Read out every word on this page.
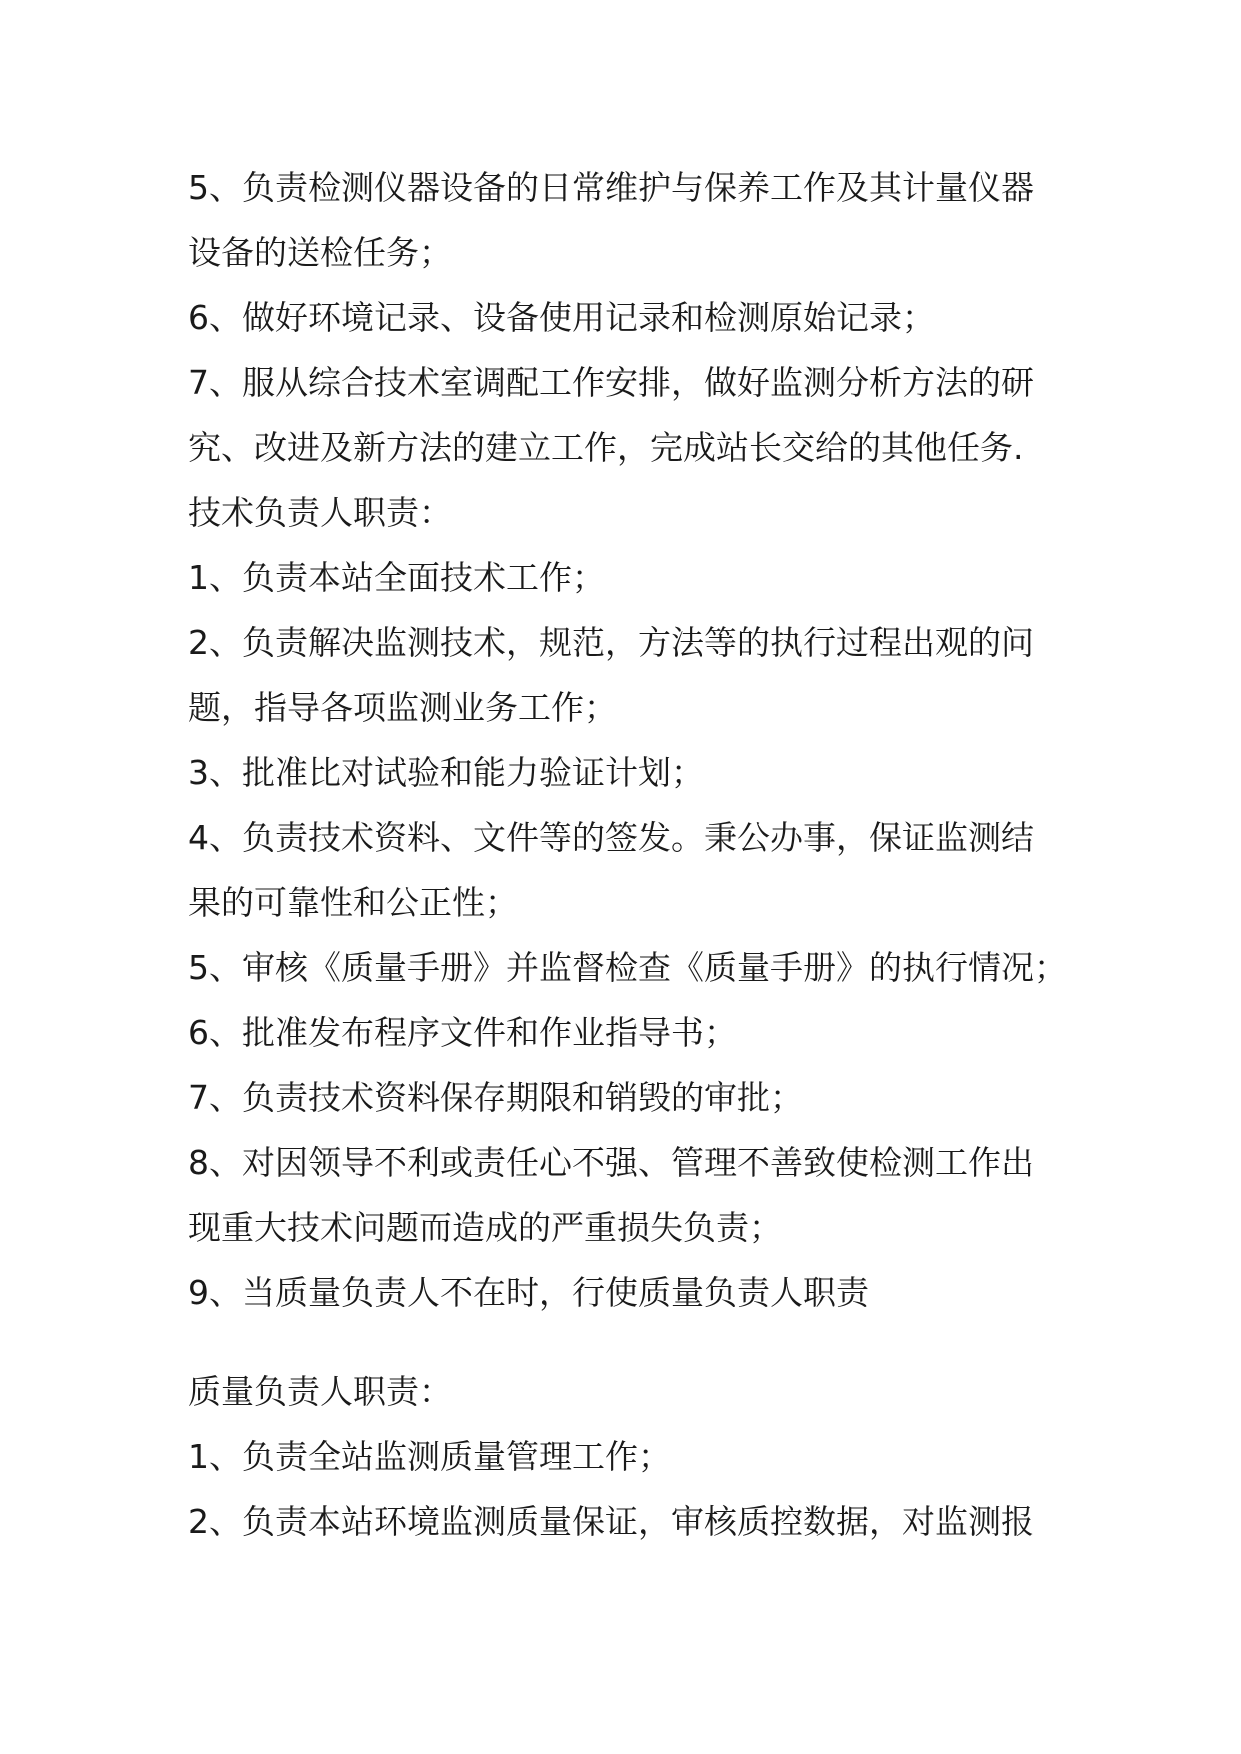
5、负责检测仪器设备的日常维护与保养工作及其计量仪器
设备的送检任务；
6、做好环境记录、设备使用记录和检测原始记录；
7、服从综合技术室调配工作安排，做好监测分析方法的研
究、改进及新方法的建立工作，完成站长交给的其他任务.
技术负责人职责：
1、负责本站全面技术工作；
2、负责解决监测技术，规范，方法等的执行过程出观的问
题，指导各项监测业务工作；
3、批准比对试验和能力验证计划；
4、负责技术资料、文件等的签发。秉公办事，保证监测结
果的可靠性和公正性；
5、审核《质量手册》并监督检查《质量手册》的执行情况；
6、批准发布程序文件和作业指导书；
7、负责技术资料保存期限和销毁的审批；
8、对因领导不利或责任心不强、管理不善致使检测工作出
现重大技术问题而造成的严重损失负责；
9、当质量负责人不在时，行使质量负责人职责
质量负责人职责：
1、负责全站监测质量管理工作；
2、负责本站环境监测质量保证，审核质控数据，对监测报
